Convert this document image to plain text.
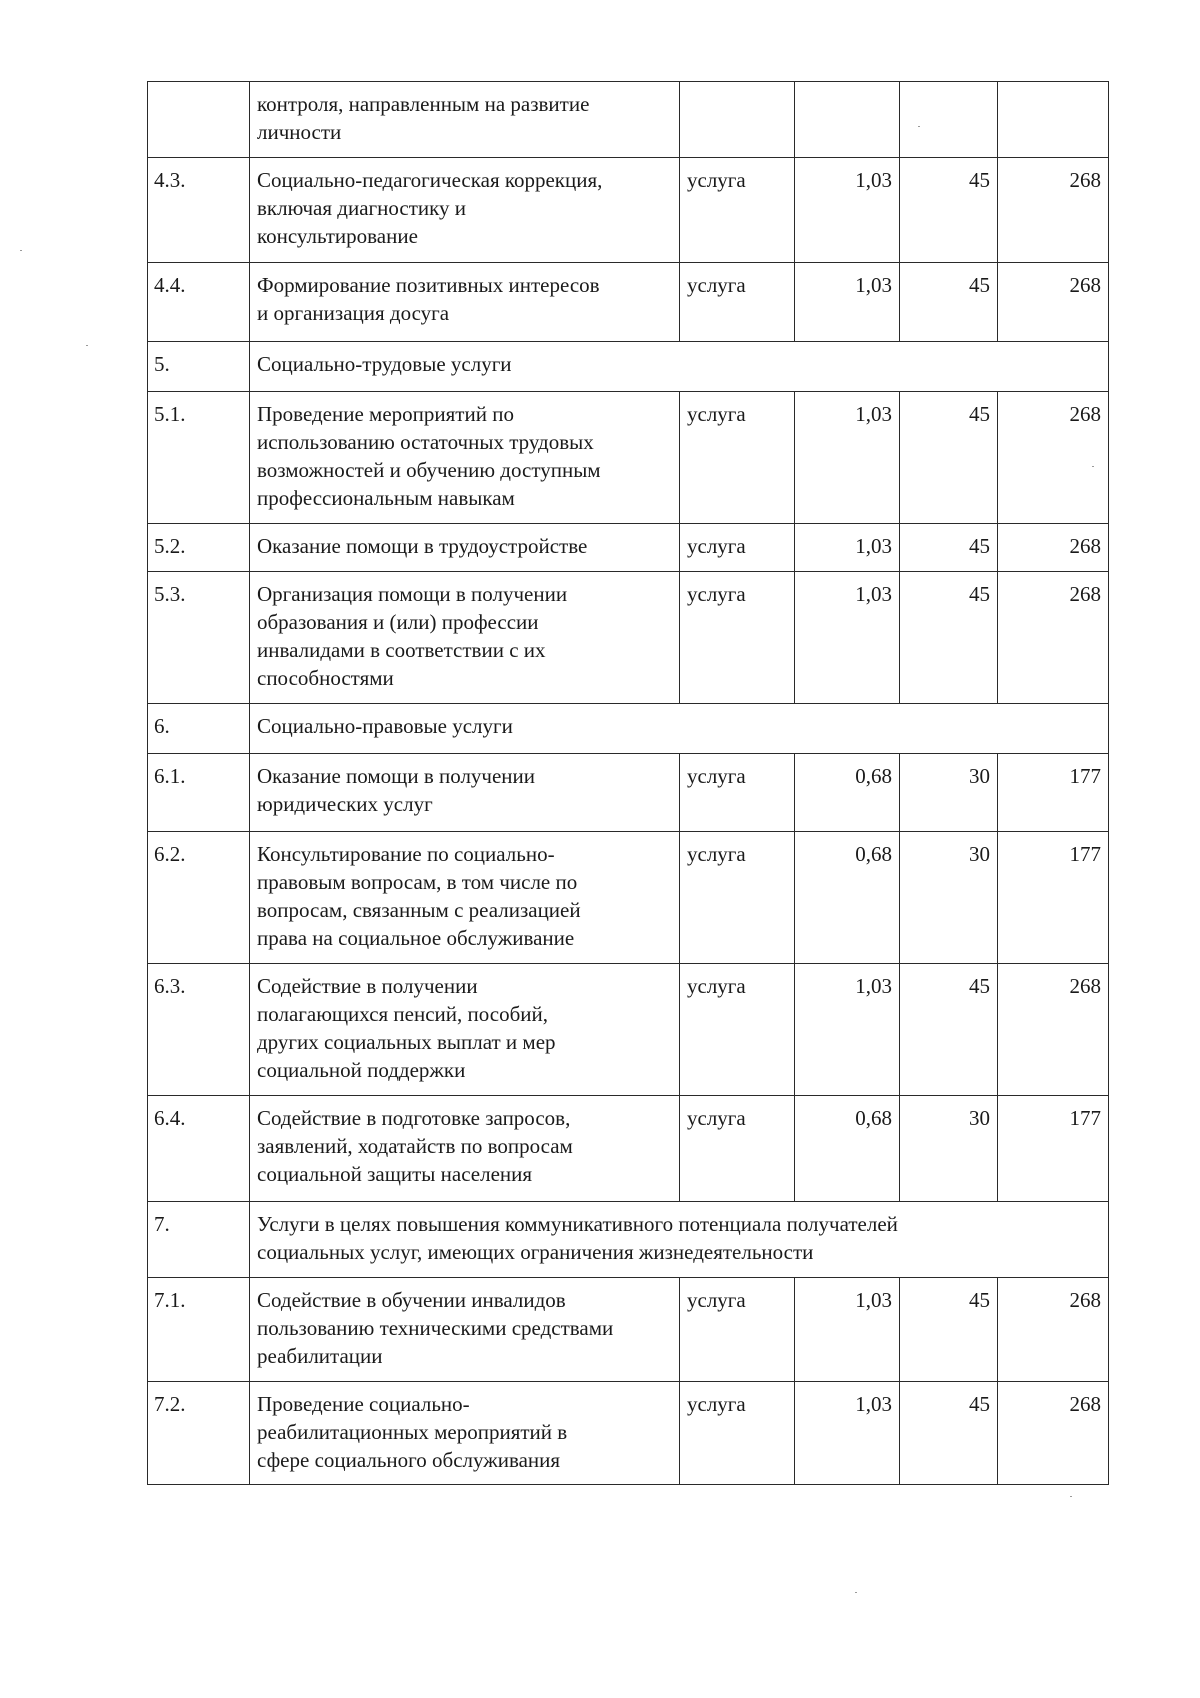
	контроля, направленным на развитие
личности				
4.3.	Социально-педагогическая коррекция,
включая диагностику и
консультирование	услуга	1,03	45	268
4.4.	Формирование позитивных интересов
и организация досуга	услуга	1,03	45	268
5.	Социально-трудовые услуги				
5.1.	Проведение мероприятий по
использованию остаточных трудовых
возможностей и обучению доступным
профессиональным навыкам	услуга	1,03	45	268
5.2.	Оказание помощи в трудоустройстве	услуга	1,03	45	268
5.3.	Организация помощи в получении
образования и (или) профессии
инвалидами в соответствии с их
способностями	услуга	1,03	45	268
6.	Социально-правовые услуги				
6.1.	Оказание помощи в получении
юридических услуг	услуга	0,68	30	177
6.2.	Консультирование по социально-
правовым вопросам, в том числе по
вопросам, связанным с реализацией
права на социальное обслуживание	услуга	0,68	30	177
6.3.	Содействие в получении
полагающихся пенсий, пособий,
других социальных выплат и мер
социальной поддержки	услуга	1,03	45	268
6.4.	Содействие в подготовке запросов,
заявлений, ходатайств по вопросам
социальной защиты населения	услуга	0,68	30	177
7.	Услуги в целях повышения коммуникативного потенциала получателей
социальных услуг, имеющих ограничения жизнедеятельности				
7.1.	Содействие в обучении инвалидов
пользованию техническими средствами
реабилитации	услуга	1,03	45	268
7.2.	Проведение социально-
реабилитационных мероприятий в
сфере социального обслуживания	услуга	1,03	45	268
